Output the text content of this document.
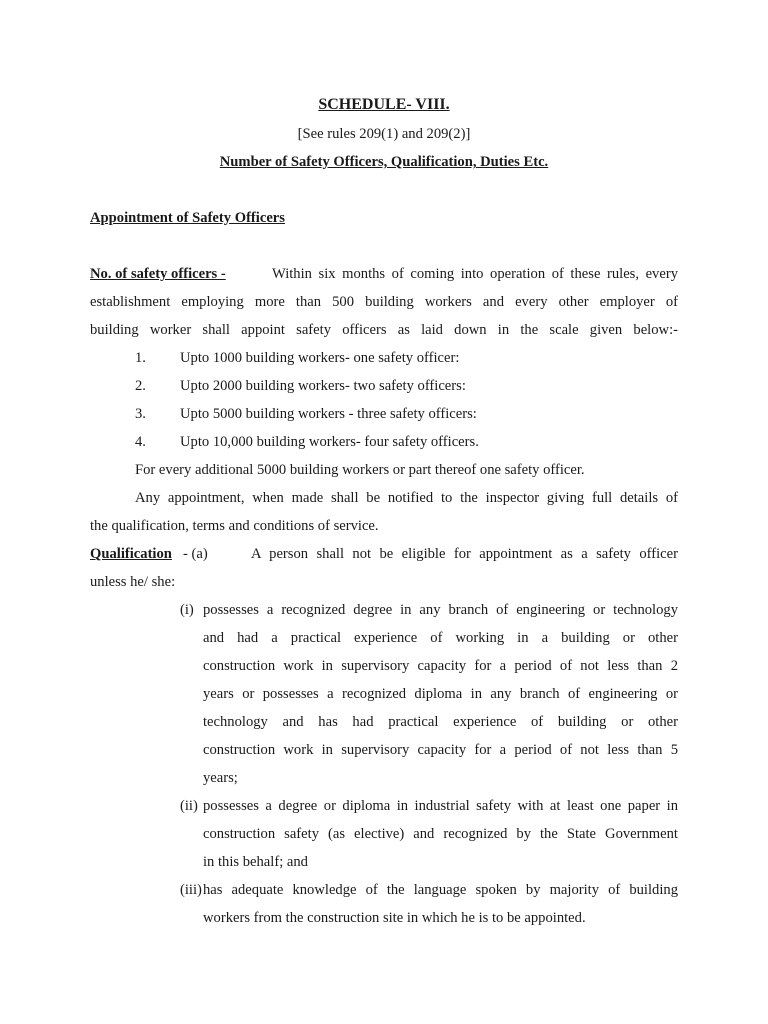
SCHEDULE- VIII.
[See rules 209(1) and 209(2)]
Number of Safety Officers, Qualification, Duties Etc.
Appointment of Safety Officers
No. of safety officers -	Within six months of coming into operation of these rules, every
establishment employing more than 500 building workers and every other employer of
building worker shall appoint safety officers as laid down in the scale given below:-
1. Upto 1000 building workers- one safety officer:
2. Upto 2000 building workers- two safety officers:
3. Upto 5000 building workers - three safety officers:
4. Upto 10,000 building workers- four safety officers.
For every additional 5000 building workers or part thereof one safety officer.
Any appointment, when made shall be notified to the inspector giving full details of
the qualification, terms and conditions of service.
Qualification - (a)	A person shall not be eligible for appointment as a safety officer
unless he/ she:
(i) possesses a recognized degree in any branch of engineering or technology
and had a practical experience of working in a building or other
construction work in supervisory capacity for a period of not less than 2
years or possesses a recognized diploma in any branch of engineering or
technology and has had practical experience of building or other
construction work in supervisory capacity for a period of not less than 5
years;
(ii) possesses a degree or diploma in industrial safety with at least one paper in
construction safety (as elective) and recognized by the State Government
in this behalf; and
(iii) has adequate knowledge of the language spoken by majority of building
workers from the construction site in which he is to be appointed.
